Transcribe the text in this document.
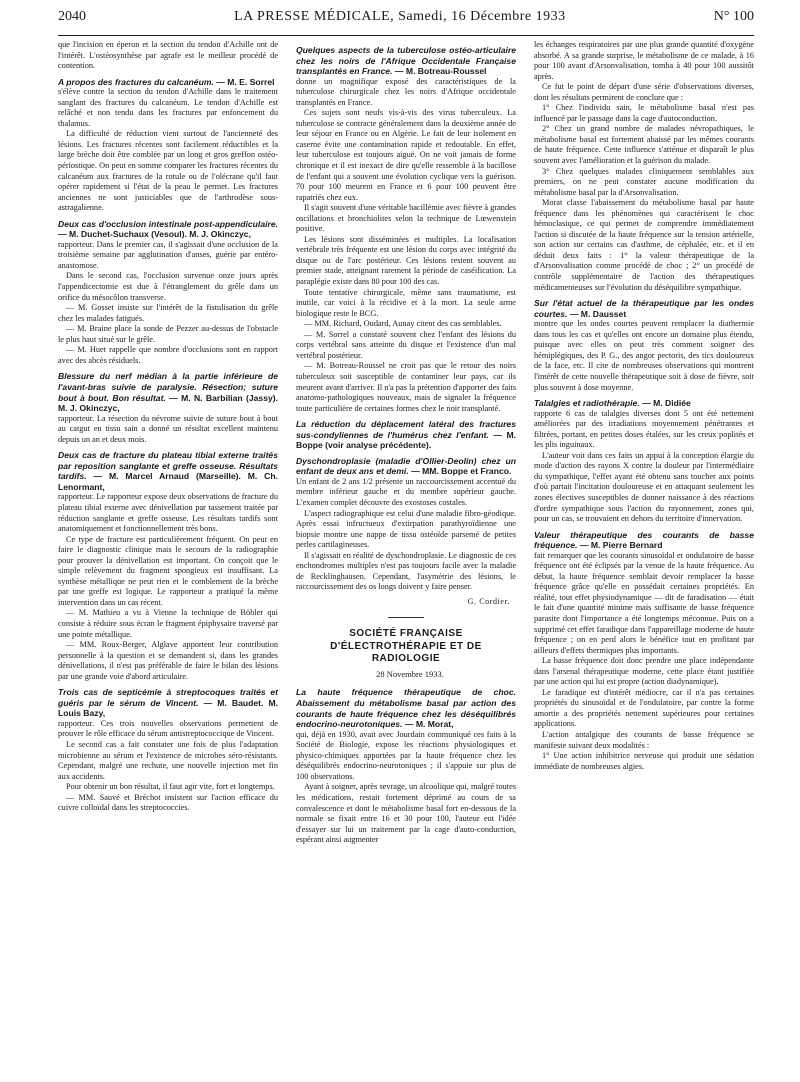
2040	LA PRESSE MÉDICALE, Samedi, 16 Décembre 1933	N° 100

que l'incision en éperon et la section du tendon d'Achille ont de l'intérêt. L'ostéosynthèse par agrafe est le meilleur procédé de contention.

A propos des fractures du calcanéum. — M. E. Sorrel

s'élève contre la section du tendon d'Achille dans le traitement sanglant des fractures du calcanéum. Le tendon d'Achille est relâché et non tendu dans les fractures par enfoncement du thalamus.

La difficulté de réduction vient surtout de l'ancienneté des lésions. Les fractures récentes sont facilement réductibles et la large brèche doit être comblée par un long et gros greffon ostéo-périostique. On peut en somme comparer les fractures récentes du calcanéum aux fractures de la rotule ou de l'olécrane qu'il faut opérer rapidement si l'état de la peau le permet. Les fractures anciennes ne sont justiciables que de l'arthrodèse sous-astragalienne.

Deux cas d'occlusion intestinale post-appendiculaire. — M. Duchet-Suchaux (Vesoul). M. J. Okinczyc,

rapporteur. Dans le premier cas, il s'agissait d'une occlusion de la troisième semaine par agglutination d'anses, guérie par entéro-anastomose.

Dans le second cas, l'occlusion survenue onze jours après l'appendicectomie est due à l'étranglement du grêle dans un orifice du mésocôlon transverse.

— M. Gosset insiste sur l'intérêt de la fistulisation du grêle chez les malades fatigués.

— M. Braine place la sonde de Pezzer au-dessus de l'obstacle le plus haut situé sur le grêle.

— M. Huet rappelle que nombre d'occlusions sont en rapport avec des abcès résiduels.

Blessure du nerf médian à la partie inférieure de l'avant-bras suivie de paralysie. Résection; suture bout à bout. Bon résultat. — M. N. Barbilian (Jassy). M. J. Okinczyc,

rapporteur. La résection du névrome suivie de suture bout à bout au catgut en tissu sain a donné un résultat excellent maintenu depuis un an et deux mois.

Deux cas de fracture du plateau tibial externe traités par reposition sanglante et greffe osseuse. Résultats tardifs. — M. Marcel Arnaud (Marseille). M. Ch. Lenormant,

rapporteur. Le rapporteur expose deux observations de fracture du plateau tibial externe avec dénivellation par tassement traitée par réduction sanglante et greffe osseuse. Les résultats tardifs sont anatomiquement et fonctionnellement très bons.

Ce type de fracture est particulièrement fréquent. On peut en faire le diagnostic clinique mais le secours de la radiographie pour prouver la dénivellation est important. On conçoit que le simple relèvement du fragment spongieux est insuffisant. La synthèse métallique ne peut rien et le comblement de la brèche par une greffe est logique. Le rapporteur a pratiqué la même intervention dans un cas récent.

— M. Mathieu a vu à Vienne la technique de Böhler qui consiste à réduire sous écran le fragment épiphysaire traversé par une pointe métallique.

— MM. Roux-Berger, Alglave apportent leur contribution personnelle à la question et se demandent si, dans les grandes dénivellations, il n'est pas préférable de faire le bilan des lésions par une grande voie d'abord articulaire.

Trois cas de septicémie à streptocoques traités et guéris par le sérum de Vincent. — M. Baudet. M. Louis Bazy,

rapporteur. Ces trois nouvelles observations permettent de prouver le rôle efficace du sérum antistreptococcique de Vincent.

Le second cas a fait constater une fois de plus l'adaptation microbienne au sérum et l'existence de microbes séro-résistants. Cependant, malgré une rechute, une nouvelle injection met fin aux accidents.

Pour obtenir un bon résultat, il faut agir vite, fort et longtemps.

— MM. Sauvé et Bréchot insistent sur l'action efficace du cuivre colloïdal dans les streptococcies.

Quelques aspects de la tuberculose ostéo-articulaire chez les noirs de l'Afrique Occidentale Française transplantés en France. — M. Botreau-Roussel

donne un magnifique exposé des caractéristiques de la tuberculose chirurgicale chez les noirs d'Afrique occidentale transplantés en France.

Ces sujets sont neufs vis-à-vis des virus tuberculeux. La tuberculose se contracte généralement dans la deuxième année de leur séjour en France ou en Algérie. Le fait de leur isolement en caserne évite une contamination rapide et redoutable. En effet, leur tuberculose est toujours aiguë. On ne voit jamais de forme chronique et il est inexact de dire qu'elle ressemble à la bacillose de l'enfant qui a souvent une évolution cyclique vers la guérison. 70 pour 100 meurent en France et 6 pour 100 peuvent être rapatriés chez eux.

Il s'agit souvent d'une véritable bacillémie avec fièvre à grandes oscillations et bronchiolites selon la technique de Lœwenstein positive.

Les lésions sont disséminées et multiples. La localisation vertébrale très fréquente est une lésion du corps avec intégrité du disque ou de l'arc postérieur. Ces lésions restent souvent au premier stade, atteignant rarement la période de caséification. La paraplégie existe dans 80 pour 100 des cas.

Toute tentative chirurgicale, même sans traumatisme, est inutile, car voici à la récidive et à la mort. La seule arme biologique reste le BCG.

— MM. Richard, Oudard, Aunay citent des cas semblables.

— M. Sorrel a constaté souvent chez l'enfant des lésions du corps vertébral sans atteinte du disque et l'existence d'un mal vertébral postérieur.

— M. Botreau-Roussel ne croit pas que le retour des noirs tuberculeux soit susceptible de contaminer leur pays, car ils meurent avant d'arriver. Il n'a pas la prétention d'apporter des faits anatomo-pathologiques nouveaux, mais de signaler la fréquence toute particulière de certaines formes chez le noir transplanté.

La réduction du déplacement latéral des fractures sus-condyliennes de l'humérus chez l'enfant. — M. Boppe (voir analyse précédente).
Dyschondroplasie (maladie d'Ollier-Deolin) chez un enfant de deux ans et demi. — MM. Boppe et Franco.

Un enfant de 2 ans 1/2 présente un raccourcissement accentué du membre inférieur gauche et du membre supérieur gauche. L'examen complet découvre des exostoses costales.

L'aspect radiographique est celui d'une maladie fibro-géodique. Après essai infructueux d'extirpation parathyroïdienne une biopsie montre une nappe de tissu ostéoïde parsemé de petites perles cartilagineuses.

Il s'agissait en réalité de dyschondroplasie. Le diagnostic de ces enchondromes multiples n'est pas toujours facile avec la maladie de Recklinghausen. Cependant, l'asymétrie des lésions, le raccourcissement des os longs doivent y faire penser.

G. Cordier.

SOCIÉTÉ FRANÇAISE D'ÉLECTROTHÉRAPIE ET DE RADIOLOGIE

28 Novembre 1933.

La haute fréquence thérapeutique de choc. Abaissement du métabolisme basal par action des courants de haute fréquence chez les déséquilibrés endocrino-neurotoniques. — M. Morat,

qui, déjà en 1930, avait avec Jourdain communiqué ces faits à la Société de Biologie, expose les réactions physiologiques et physico-chimiques apportées par la haute fréquence chez les déséquilibrés endocrino-neurotoniques ; il s'appuie sur plus de 100 observations.

Ayant à soigner, après sevrage, un alcoolique qui, malgré toutes les médications, restait fortement déprimé au cours de sa convalescence et dont le métabolisme basal fort en-dessous de la normale se fixait entre 16 et 30 pour 100, l'auteur eut l'idée d'essayer sur lui un traitement par la cage d'auto-conduction, espérant ainsi augmenter

les échanges respiratoires par une plus grande quantité d'oxygène absorbé. A sa grande surprise, le métabolisme de ce malade, à 16 pour 100 avant d'Arsonvalisation, tomba à 40 pour 100 aussitôt après.

Ce fut le point de départ d'une série d'observations diverses, dont les résultats permirent de conclure que :

1° Chez l'individu sain, le métabolisme basal n'est pas influencé par le passage dans la cage d'autoconduction.

2° Chez un grand nombre de malades névropathiques, le métabolisme basal est fortement abaissé par les mêmes courants de haute fréquence. Cette influence s'atténue et disparaît le plus souvent avec l'amélioration et la guérison du malade.

3° Chez quelques malades cliniquement semblables aux premiers, on ne peut constater aucune modification du métabolisme basal par la d'Arsonvalisation.

Morat classe l'abaissement du métabolisme basal par haute fréquence dans les phénomènes qui caractérisent le choc hémoclasique, ce qui permet de comprendre immédiatement l'action si discutée de la haute fréquence sur la tension artérielle, son action sur certains cas d'asthme, de céphalée, etc. et il en déduit deux faits : 1° la valeur thérapeutique de la d'Arsonvalisation comme procédé de choc ; 2° un procédé de contrôle supplémentaire de l'action des thérapeutiques médicamenteuses sur l'évolution du déséquilibre sympathique.

Sur l'état actuel de la thérapeutique par les ondes courtes. — M. Dausset

montre que les ondes courtes peuvent remplacer la diathermie dans tous les cas et qu'elles ont encore un domaine plus étendu, puisque avec elles on peut très comment soigner des hémiplégiques, des P. G., des angor pectoris, des tics douloureux de la face, etc. Il cite de nombreuses observations qui montrent l'intérêt de cette nouvelle thérapeutique soit à dose de fièvre, soit plus souvent à dose moyenne.

Talalgies et radiothérapie. — M. Didiée

rapporte 6 cas de talalgies diverses dont 5 ont été nettement améliorées par des irradiations moyennement pénétrantes et filtrées, portant, en petites doses étalées, sur les creux poplités et les plis inguinaux.

L'auteur voit dans ces faits un appui à la conception élargie du mode d'action des rayons X contre la douleur par l'intermédiaire du sympathique, l'effet ayant été obtenu sans toucher aux points d'où partait l'incitation douloureuse et en attaquant seulement les zones électives susceptibles de donner naissance à des réactions d'ordre sympathique sous l'action du rayonnement, zones qui, pour un cas, se trouvaient en dehors du territoire d'innervation.

Valeur thérapeutique des courants de basse fréquence. — M. Pierre Bernard

fait remarquer que les courants sinusoïdal et ondulatoire de basse fréquence ont été éclipsés par la venue de la haute fréquence. Au début, la haute fréquence semblait devoir remplacer la basse fréquence grâce qu'elle en possédait certaines propriétés. En réalité, tout effet physiodynamique — dit de faradisation — était le fait d'une quantité minime mais suffisante de basse fréquence parasite dont l'importance a été longtemps méconnue. Puis on a supprimé cet effet faradique dans l'appareillage moderne de haute fréquence ; on en perd alors le bénéfice tout en profitant par ailleurs d'effets thermiques plus importants.

La basse fréquence doit donc prendre une place indépendante dans l'arsenal thérapeutique moderne, cette place étant justifiée par une action qui lui est propre (action diadynamique).

Le faradique est d'intérêt médiocre, car il n'a pas certaines propriétés du sinusoïdal et de l'ondulatoire, par contre la forme amortie a des propriétés nettement supérieures pour certaines applications.

L'action antalgique des courants de basse fréquence se manifeste suivant deux modalités :

1° Une action inhibitrice nerveuse qui produit une sédation immédiate de nombreuses algies.
